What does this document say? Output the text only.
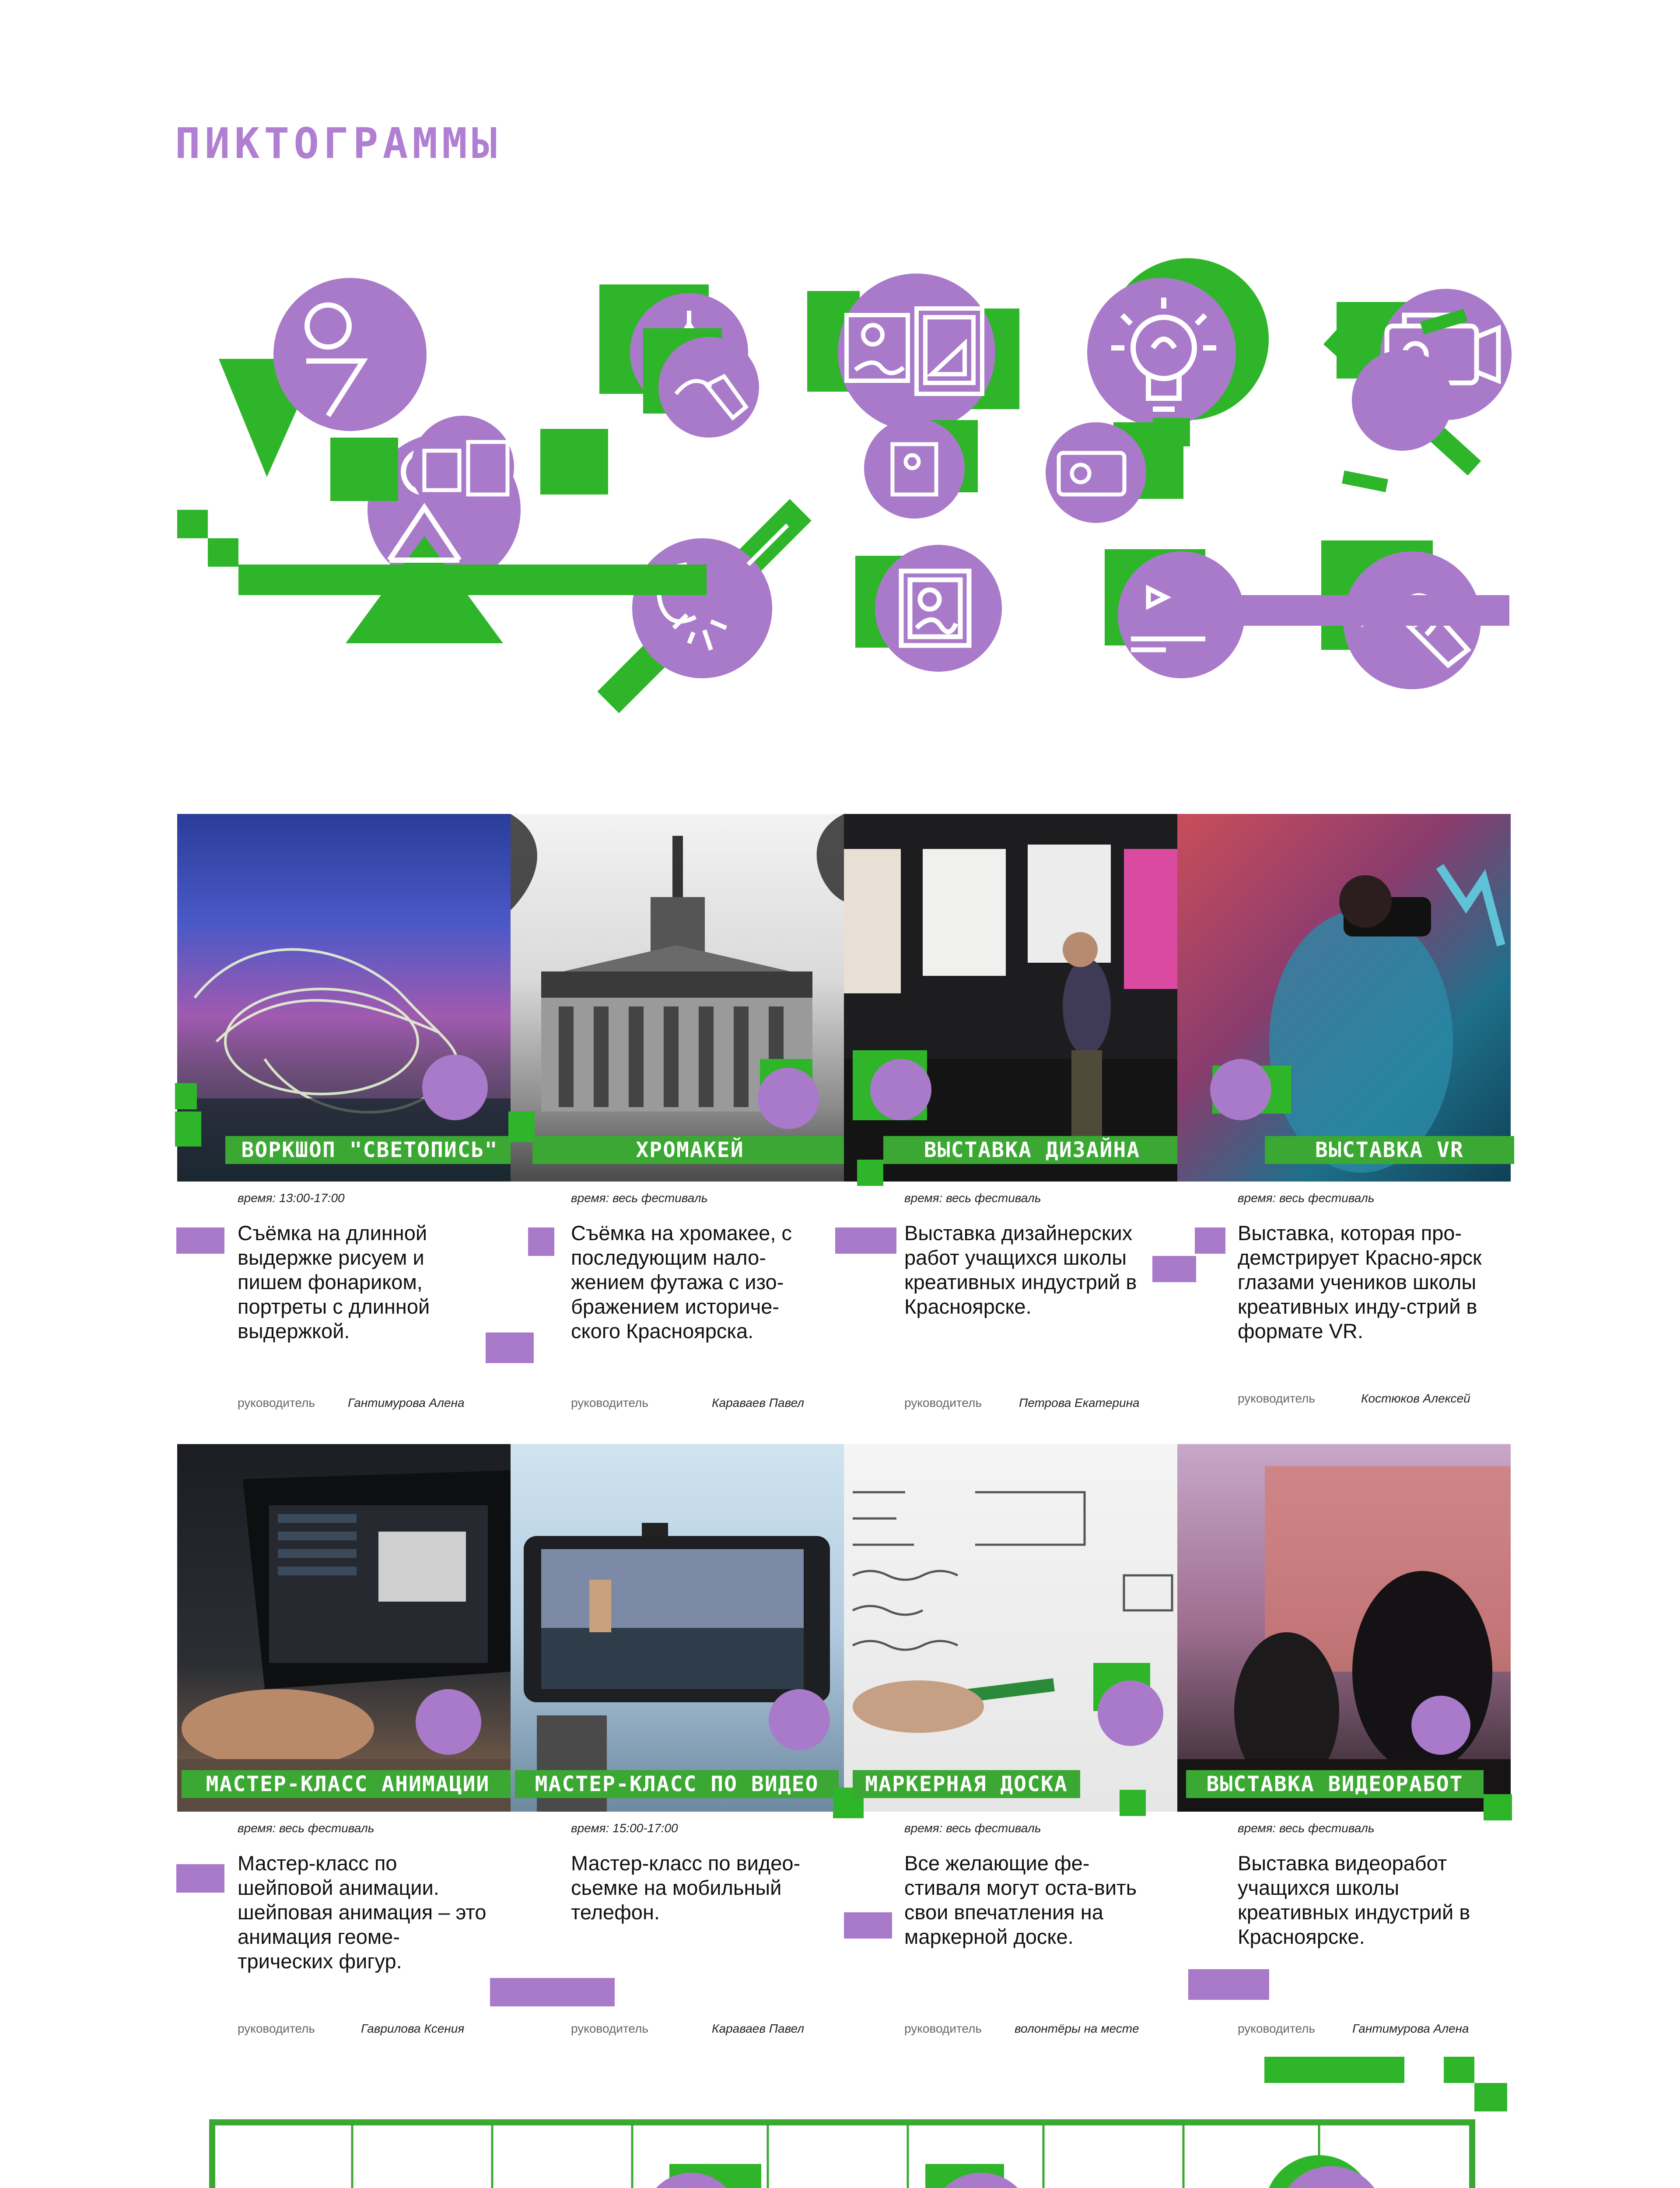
ПИКТОГРАММЫ
ВОРКШОП "СВЕТОПИСЬ"
время: 13:00-17:00
Съёмка на длинной выдержке рисуем и пишем фонариком, портреты с длинной выдержкой.
руководитель	Гантимурова Алена
ХРОМАКЕЙ
время: весь фестиваль
Съёмка на хромакее, с последующим нало-жением футажа с изо-бражением историче-ского Красноярска.
руководитель	Караваев Павел
ВЫСТАВКА ДИЗАЙНА
время: весь фестиваль
Выставка дизайнерских работ учащихся школы креативных индустрий в Красноярске.
руководитель	Петрова Екатерина
ВЫСТАВКА VR
время: весь фестиваль
Выставка, которая про-демстрирует Красно-ярск глазами учеников школы креативных инду-стрий в формате VR.
руководитель	Костюков Алексей
МАСТЕР-КЛАСС АНИМАЦИИ
время: весь фестиваль
Мастер-класс по шейповой анимации. шейповая анимация – это анимация геоме-трических фигур.
руководитель	Гаврилова Ксения
МАСТЕР-КЛАСС ПО ВИДЕО
время: 15:00-17:00
Мастер-класс по видео-сьемке на мобильный телефон.
руководитель	Караваев Павел
МАРКЕРНАЯ ДОСКА
время: весь фестиваль
Все желающие фе-стиваля могут оста-вить свои впечатления на маркерной доске.
руководитель	волонтёры на месте
ВЫСТАВКА ВИДЕОРАБОТ
время: весь фестиваль
Выставка видеоработ учащихся школы креативных индустрий в Красноярске.
руководитель	Гантимурова Алена
